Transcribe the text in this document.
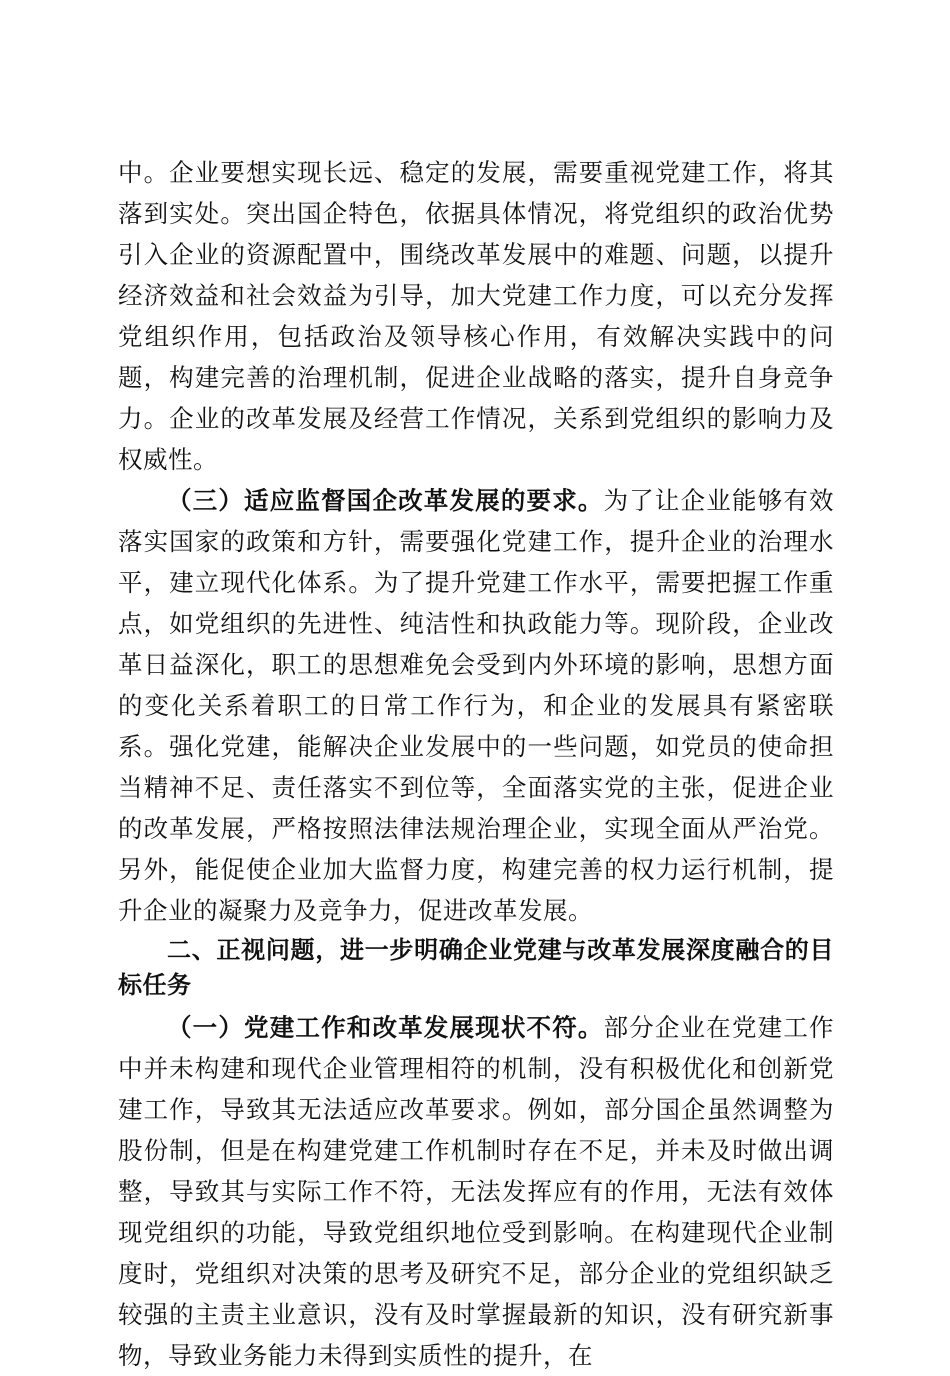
中。企业要想实现长远、稳定的发展，需要重视党建工作，将其落到实处。突出国企特色，依据具体情况，将党组织的政治优势引入企业的资源配置中，围绕改革发展中的难题、问题，以提升经济效益和社会效益为引导，加大党建工作力度，可以充分发挥党组织作用，包括政治及领导核心作用，有效解决实践中的问题，构建完善的治理机制，促进企业战略的落实，提升自身竞争力。企业的改革发展及经营工作情况，关系到党组织的影响力及权威性。

（三）适应监督国企改革发展的要求。为了让企业能够有效落实国家的政策和方针，需要强化党建工作，提升企业的治理水平，建立现代化体系。为了提升党建工作水平，需要把握工作重点，如党组织的先进性、纯洁性和执政能力等。现阶段，企业改革日益深化，职工的思想难免会受到内外环境的影响，思想方面的变化关系着职工的日常工作行为，和企业的发展具有紧密联系。强化党建，能解决企业发展中的一些问题，如党员的使命担当精神不足、责任落实不到位等，全面落实党的主张，促进企业的改革发展，严格按照法律法规治理企业，实现全面从严治党。另外，能促使企业加大监督力度，构建完善的权力运行机制，提升企业的凝聚力及竞争力，促进改革发展。

二、正视问题，进一步明确企业党建与改革发展深度融合的目标任务

（一）党建工作和改革发展现状不符。部分企业在党建工作中并未构建和现代企业管理相符的机制，没有积极优化和创新党建工作，导致其无法适应改革要求。例如，部分国企虽然调整为股份制，但是在构建党建工作机制时存在不足，并未及时做出调整，导致其与实际工作不符，无法发挥应有的作用，无法有效体现党组织的功能，导致党组织地位受到影响。在构建现代企业制度时，党组织对决策的思考及研究不足，部分企业的党组织缺乏较强的主责主业意识，没有及时掌握最新的知识，没有研究新事物，导致业务能力未得到实质性的提升，在
